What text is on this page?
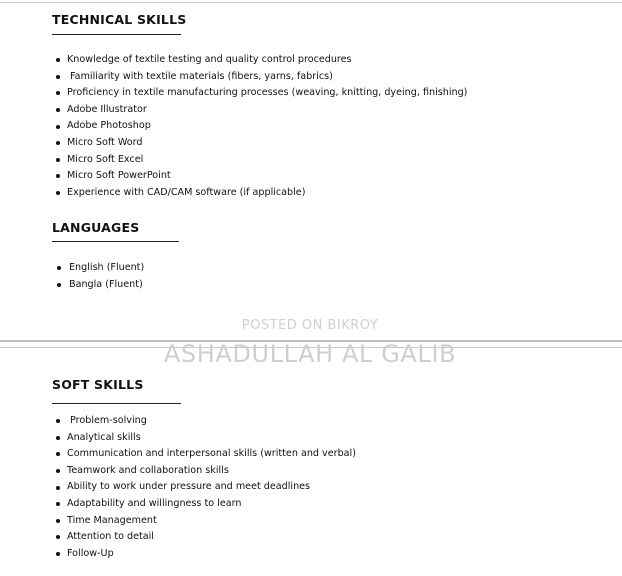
TECHNICAL SKILLS
Knowledge of textile testing and quality control procedures
Familiarity with textile materials (fibers, yarns, fabrics)
Proficiency in textile manufacturing processes (weaving, knitting, dyeing, finishing)
Adobe Illustrator
Adobe Photoshop
Micro Soft Word
Micro Soft Excel
Micro Soft PowerPoint
Experience with CAD/CAM software (if applicable)
LANGUAGES
English (Fluent)
Bangla (Fluent)
POSTED ON BIKROY
ASHADULLAH AL GALIB
SOFT SKILLS
Problem-solving
Analytical skills
Communication and interpersonal skills (written and verbal)
Teamwork and collaboration skills
Ability to work under pressure and meet deadlines
Adaptability and willingness to learn
Time Management
Attention to detail
Follow-Up
